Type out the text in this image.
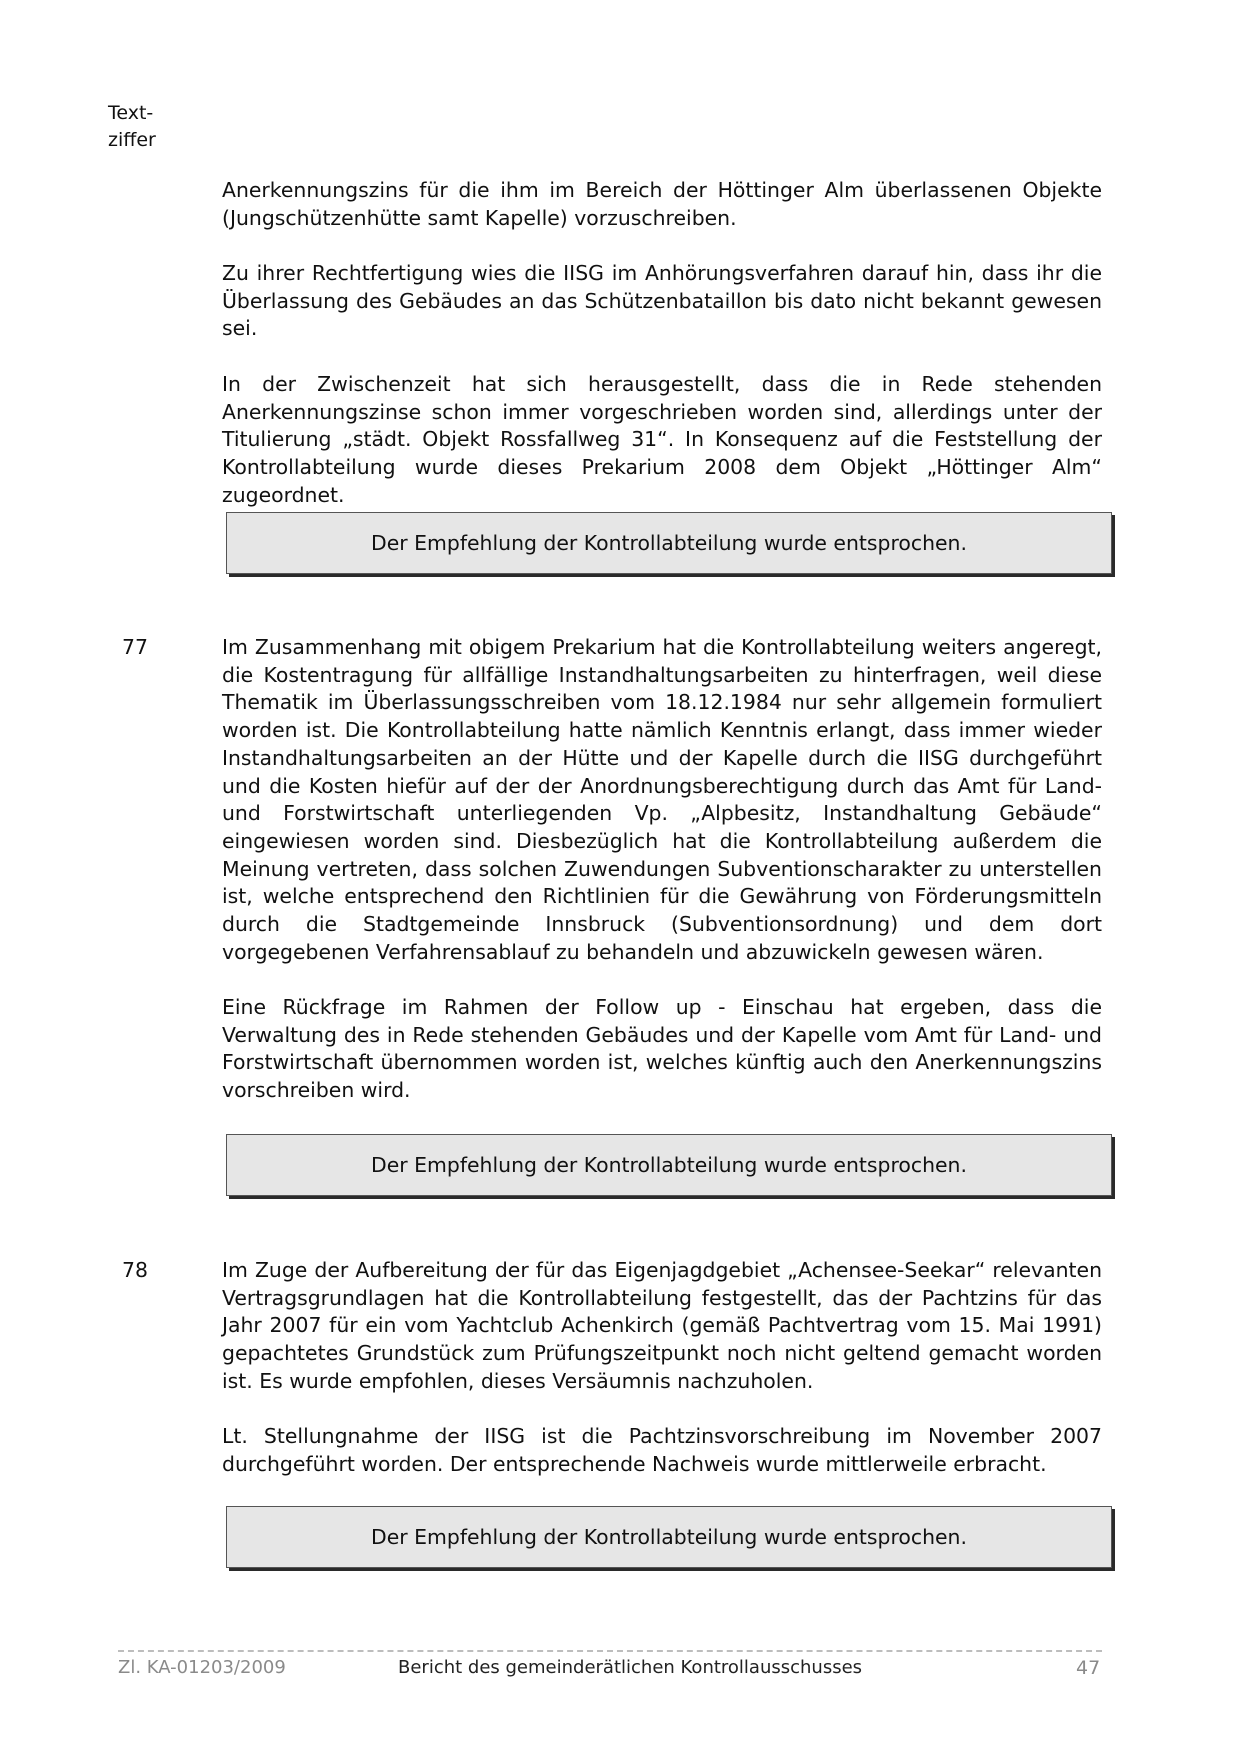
Text-
ziffer

Anerkennungszins für die ihm im Bereich der Höttinger Alm überlassenen Objekte (Jungschützenhütte samt Kapelle) vorzuschreiben.

Zu ihrer Rechtfertigung wies die IISG im Anhörungsverfahren darauf hin, dass ihr die Überlassung des Gebäudes an das Schützenbataillon bis dato nicht bekannt gewesen sei.

In der Zwischenzeit hat sich herausgestellt, dass die in Rede stehenden Anerkennungszinse schon immer vorgeschrieben worden sind, allerdings unter der Titulierung „städt. Objekt Rossfallweg 31“. In Konsequenz auf die Feststellung der Kontrollabteilung wurde dieses Prekarium 2008 dem Objekt „Höttinger Alm“ zugeordnet.

Der Empfehlung der Kontrollabteilung wurde entsprochen.
77	Im Zusammenhang mit obigem Prekarium hat die Kontrollabteilung weiters angeregt, die Kostentragung für allfällige Instandhaltungsarbeiten zu hinterfragen, weil diese Thematik im Überlassungsschreiben vom 18.12.1984 nur sehr allgemein formuliert worden ist. Die Kontrollabteilung hatte nämlich Kenntnis erlangt, dass immer wieder Instandhaltungsarbeiten an der Hütte und der Kapelle durch die IISG durchgeführt und die Kosten hiefür auf der der Anordnungsberechtigung durch das Amt für Land- und Forstwirtschaft unterliegenden Vp. „Alpbesitz, Instandhaltung Gebäude“ eingewiesen worden sind. Diesbezüglich hat die Kontrollabteilung außerdem die Meinung vertreten, dass solchen Zuwendungen Subventionscharakter zu unterstellen ist, welche entsprechend den Richtlinien für die Gewährung von Förderungsmitteln durch die Stadtgemeinde Innsbruck (Subventionsordnung) und dem dort vorgegebenen Verfahrensablauf zu behandeln und abzuwickeln gewesen wären.

Eine Rückfrage im Rahmen der Follow up - Einschau hat ergeben, dass die Verwaltung des in Rede stehenden Gebäudes und der Kapelle vom Amt für Land- und Forstwirtschaft übernommen worden ist, welches künftig auch den Anerkennungszins vorschreiben wird.

Der Empfehlung der Kontrollabteilung wurde entsprochen.
78	Im Zuge der Aufbereitung der für das Eigenjagdgebiet „Achensee-Seekar“ relevanten Vertragsgrundlagen hat die Kontrollabteilung festgestellt, das der Pachtzins für das Jahr 2007 für ein vom Yachtclub Achenkirch (gemäß Pachtvertrag vom 15. Mai 1991) gepachtetes Grundstück zum Prüfungszeitpunkt noch nicht geltend gemacht worden ist. Es wurde empfohlen, dieses Versäumnis nachzuholen.

Lt. Stellungnahme der IISG ist die Pachtzinsvorschreibung im November 2007 durchgeführt worden. Der entsprechende Nachweis wurde mittlerweile erbracht.

Der Empfehlung der Kontrollabteilung wurde entsprochen.
Zl. KA-01203/2009	Bericht des gemeinderätlichen Kontrollausschusses	47
